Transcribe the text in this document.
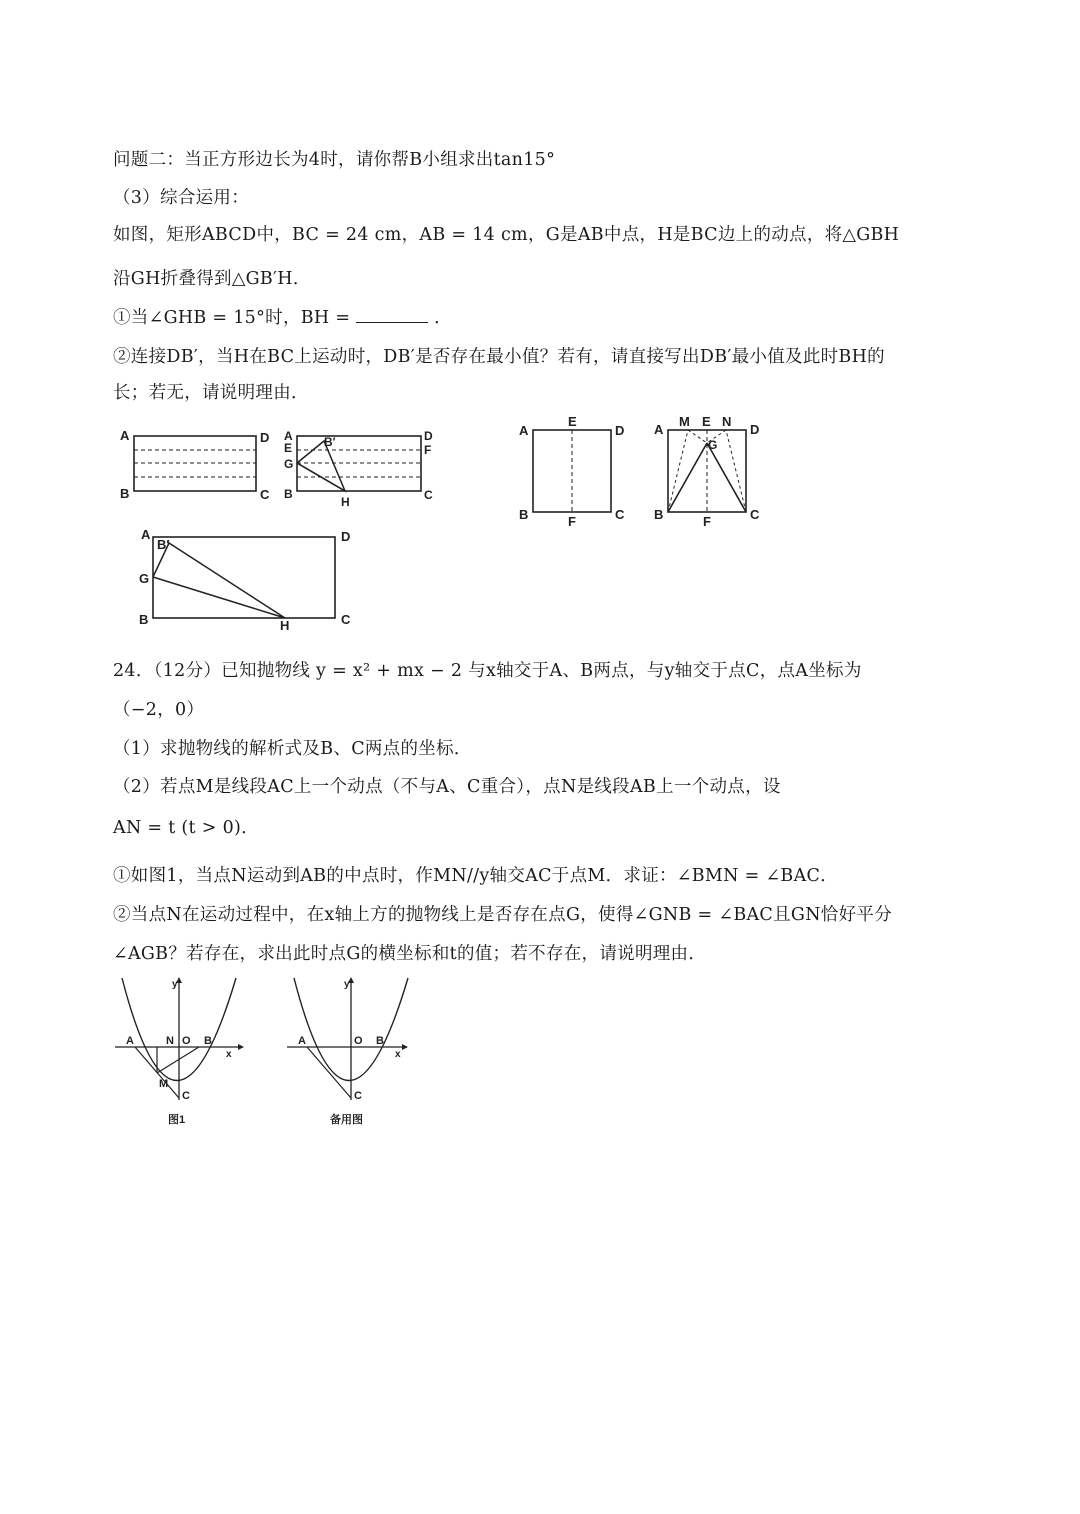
问题二：当正方形边长为4时，请你帮B小组求出tan15°
（3）综合运用：
如图，矩形ABCD中，BC = 24 cm，AB = 14 cm，G是AB中点，H是BC边上的动点，将△GBH
沿GH折叠得到△GB′H．
①当∠GHB = 15°时，BH =	．
②连接DB′，当H在BC上运动时，DB′是否存在最小值？若有，请直接写出DB′最小值及此时BH的
长；若无，请说明理由．
A	D
B	C
A
E
G
B
B′	D
F
H	C
A
E
D
B	F	C
A
M E N
D
G
B	F	C
A
B′
D
G
B	H	C
24．（12分）已知抛物线 y = x² + mx − 2 与x轴交于A、B两点，与y轴交于点C，点A坐标为
（−2，0）
（1）求抛物线的解析式及B、C两点的坐标．
（2）若点M是线段AC上一个动点（不与A、C重合），点N是线段AB上一个动点，设
AN = t (t > 0)．
①如图1，当点N运动到AB的中点时，作MN//y轴交AC于点M．求证：∠BMN = ∠BAC．
②当点N在运动过程中，在x轴上方的抛物线上是否存在点G，使得∠GNB = ∠BAC且GN恰好平分
∠AGB？若存在，求出此时点G的横坐标和t的值；若不存在，请说明理由．
y
x
A	N O B
M
C
图1
y
x
A	O B
C
备用图
